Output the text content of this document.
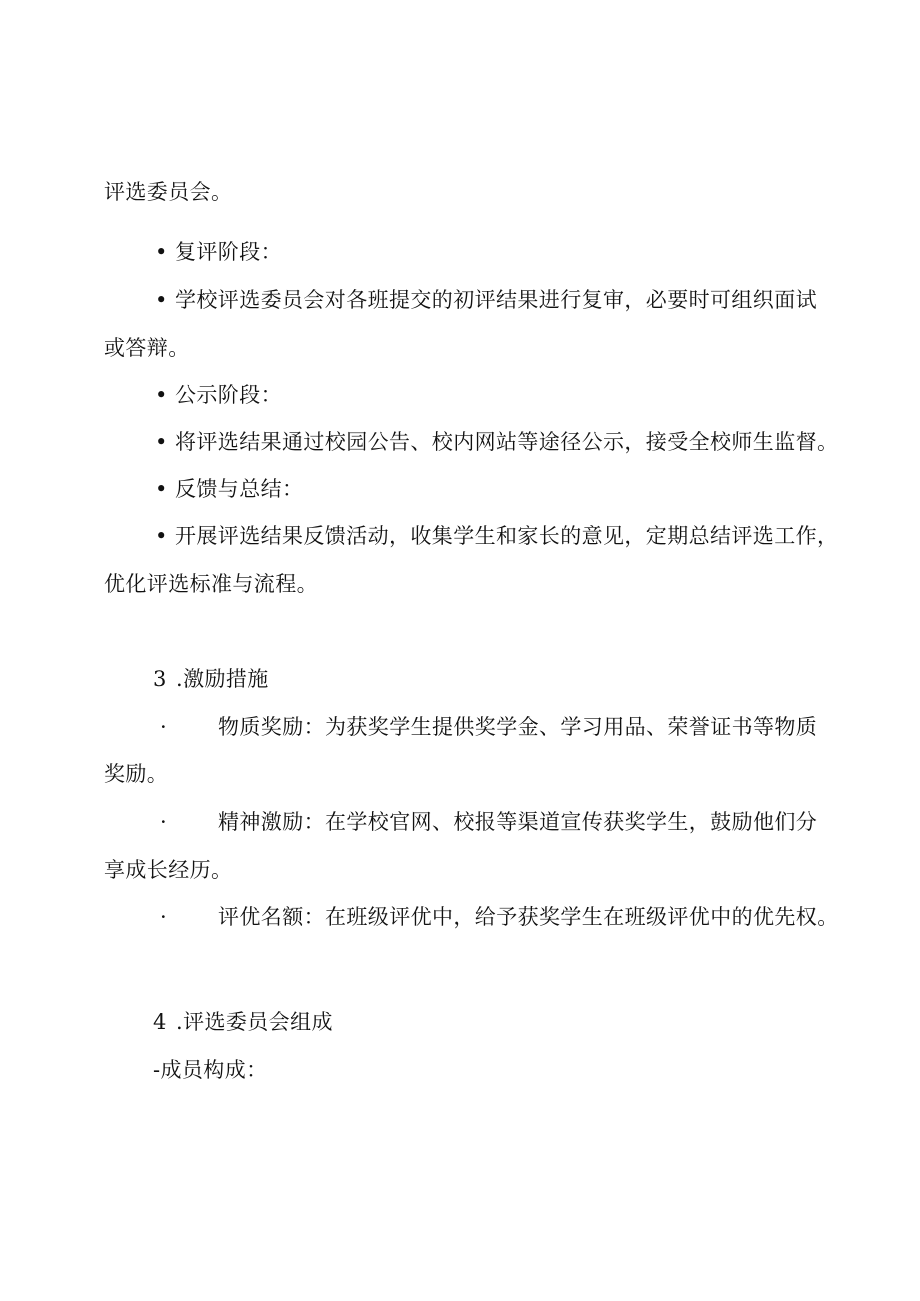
评选委员会。
• 复评阶段：
• 学校评选委员会对各班提交的初评结果进行复审，必要时可组织面试
或答辩。
• 公示阶段：
• 将评选结果通过校园公告、校内网站等途径公示，接受全校师生监督。
• 反馈与总结：
• 开展评选结果反馈活动，收集学生和家长的意见，定期总结评选工作，
优化评选标准与流程。
3 .激励措施
· 物质奖励：为获奖学生提供奖学金、学习用品、荣誉证书等物质
奖励。
· 精神激励：在学校官网、校报等渠道宣传获奖学生，鼓励他们分
享成长经历。
· 评优名额：在班级评优中，给予获奖学生在班级评优中的优先权。
4 .评选委员会组成
-成员构成：
